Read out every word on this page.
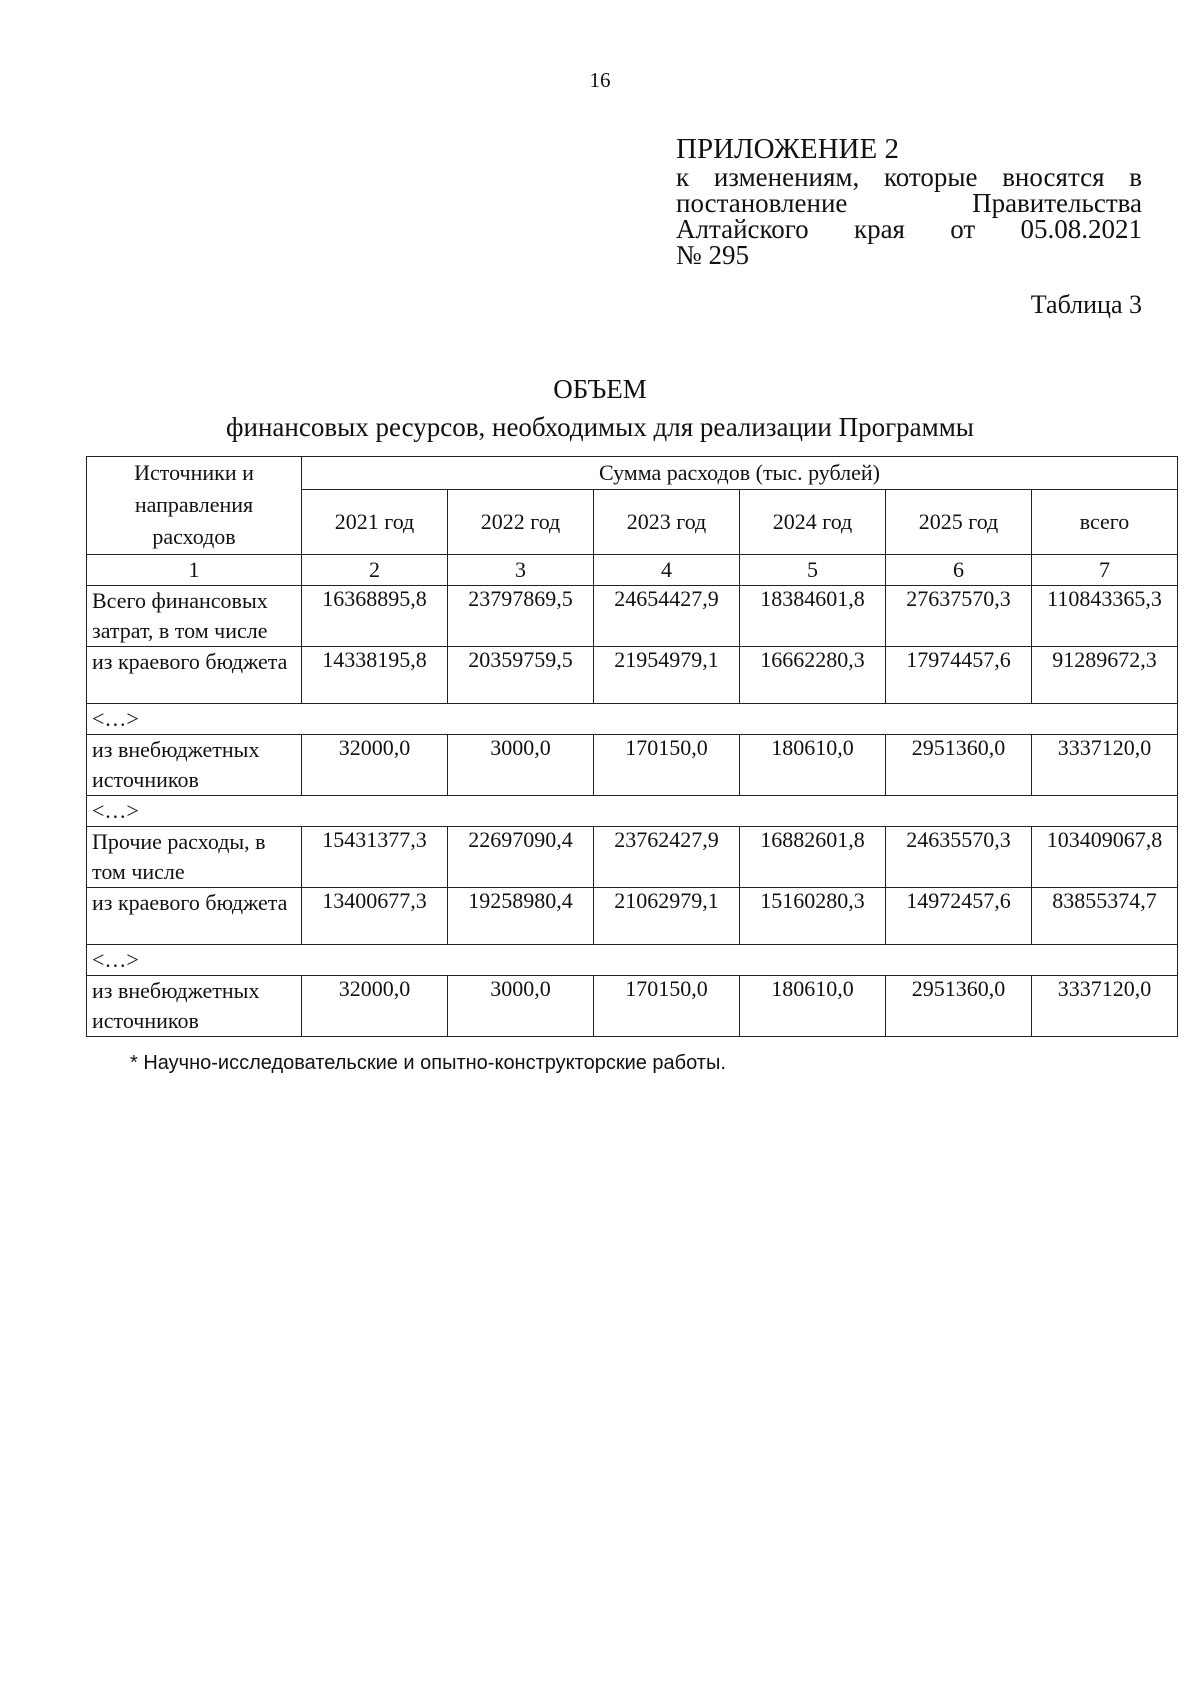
16
ПРИЛОЖЕНИЕ 2
к изменениям, которые вносятся в
постановление	Правительства
Алтайского края от 05.08.2021
№ 295
Таблица 3
ОБЪЕМ
финансовых ресурсов, необходимых для реализации Программы
Источники и направления расходов	Сумма расходов (тыс. рублей)					
	2021 год	2022 год	2023 год	2024 год	2025 год	всего
1	2	3	4	5	6	7
Всего финансовых затрат, в том числе	16368895,8	23797869,5	24654427,9	18384601,8	27637570,3	110843365,3
из краевого бюджета	14338195,8	20359759,5	21954979,1	16662280,3	17974457,6	91289672,3
<…>						
из внебюджетных источников	32000,0	3000,0	170150,0	180610,0	2951360,0	3337120,0
<…>						
Прочие расходы, в том числе	15431377,3	22697090,4	23762427,9	16882601,8	24635570,3	103409067,8
из краевого бюджета	13400677,3	19258980,4	21062979,1	15160280,3	14972457,6	83855374,7
<…>						
из внебюджетных источников	32000,0	3000,0	170150,0	180610,0	2951360,0	3337120,0
* Научно-исследовательские и опытно-конструкторские работы.
